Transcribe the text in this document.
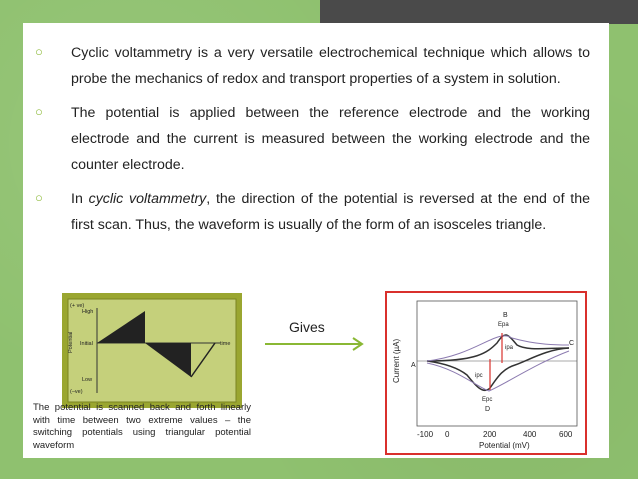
○	Cyclic voltammetry is a very versatile electrochemical technique which allows to probe the mechanics of redox and transport properties of a system in solution.
○	The potential is applied between the reference electrode and the working electrode and the current is measured between the working electrode and the counter electrode.
○	In cyclic voltammetry, the direction of the potential is reversed at the end of the first scan. Thus, the waveform is usually of the form of an isosceles triangle.
(+ ve)
High
Potential Initial
Low
(–ve)
time
Gives
The potential is scanned back and forth linearly with time between two extreme values – the switching potentials using triangular potential waveform
A
B
C
D
Epa
Epc
ipa
ipc
Current (µA)
-100 0	200	400	600
Potential (mV)
